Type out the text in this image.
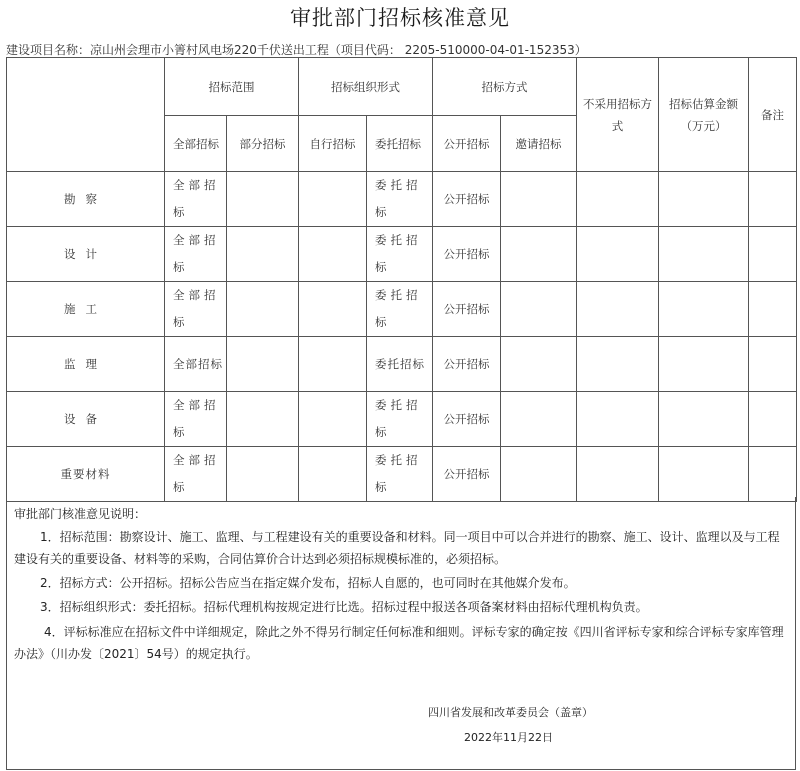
审批部门招标核准意见
建设项目名称：凉山州会理市小箐村风电场220千伏送出工程（项目代码： 2205-510000-04-01-152353）
	招标范围		招标组织形式		招标方式		不采用招标方式	招标估算金额（万元）	备注
	全部招标	部分招标	自行招标	委托招标	公开招标	邀请招标			
勘察	全部招标			委托招标	公开招标				
设计	全部招标			委托招标	公开招标				
施工	全部招标			委托招标	公开招标				
监理	全部招标			委托招标	公开招标				
设备	全部招标			委托招标	公开招标				
重要材料	全部招标			委托招标	公开招标				
审批部门核准意见说明：
1．招标范围：勘察设计、施工、监理、与工程建设有关的重要设备和材料。同一项目中可以合并进行的勘察、施工、设计、监理以及与工程建设有关的重要设备、材料等的采购，合同估算价合计达到必须招标规模标准的，必须招标。
2．招标方式：公开招标。招标公告应当在指定媒介发布，招标人自愿的，也可同时在其他媒介发布。
3．招标组织形式：委托招标。招标代理机构按规定进行比选。招标过程中报送各项备案材料由招标代理机构负责。
4．评标标准应在招标文件中详细规定，除此之外不得另行制定任何标准和细则。评标专家的确定按《四川省评标专家和综合评标专家库管理办法》（川办发〔2021〕54号）的规定执行。
四川省发展和改革委员会（盖章）
2022年11月22日
